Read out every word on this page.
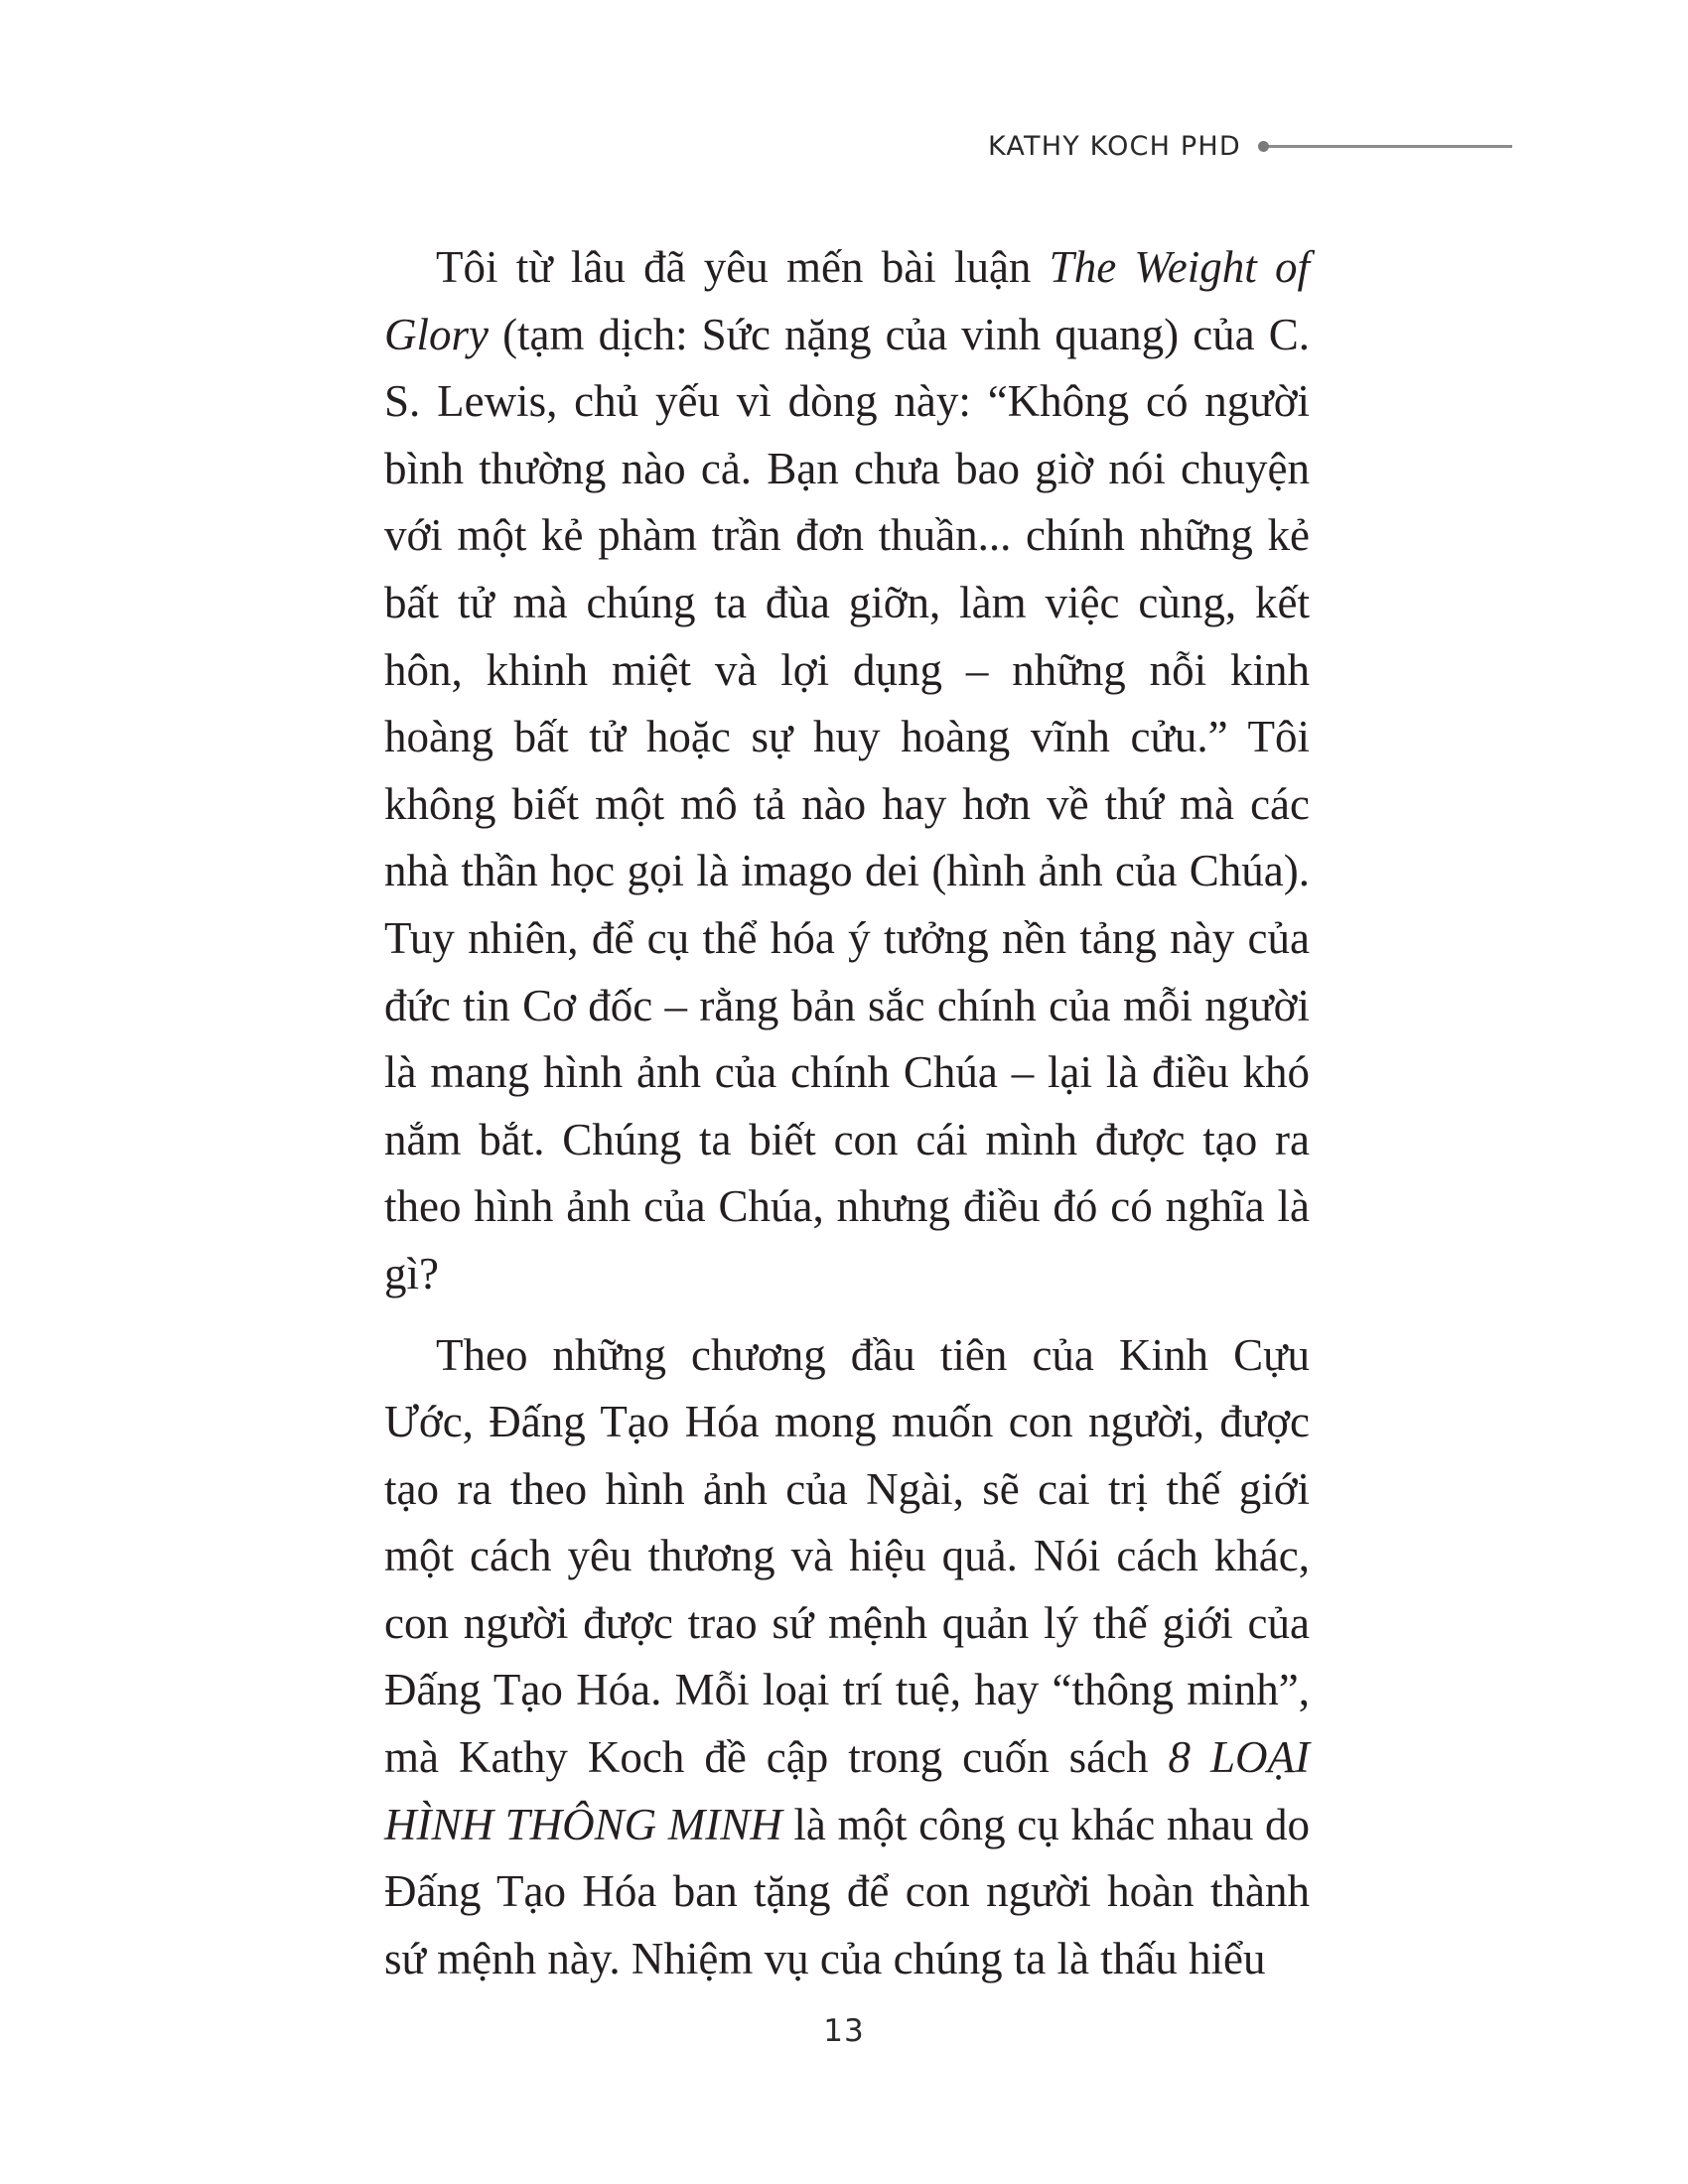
KATHY KOCH PHD

Tôi từ lâu đã yêu mến bài luận The Weight of Glory (tạm dịch: Sức nặng của vinh quang) của C. S. Lewis, chủ yếu vì dòng này: “Không có người bình thường nào cả. Bạn chưa bao giờ nói chuyện với một kẻ phàm trần đơn thuần... chính những kẻ bất tử mà chúng ta đùa giỡn, làm việc cùng, kết hôn, khinh miệt và lợi dụng – những nỗi kinh hoàng bất tử hoặc sự huy hoàng vĩnh cửu.” Tôi không biết một mô tả nào hay hơn về thứ mà các nhà thần học gọi là imago dei (hình ảnh của Chúa). Tuy nhiên, để cụ thể hóa ý tưởng nền tảng này của đức tin Cơ đốc – rằng bản sắc chính của mỗi người là mang hình ảnh của chính Chúa – lại là điều khó nắm bắt. Chúng ta biết con cái mình được tạo ra theo hình ảnh của Chúa, nhưng điều đó có nghĩa là gì?

Theo những chương đầu tiên của Kinh Cựu Ước, Đấng Tạo Hóa mong muốn con người, được tạo ra theo hình ảnh của Ngài, sẽ cai trị thế giới một cách yêu thương và hiệu quả. Nói cách khác, con người được trao sứ mệnh quản lý thế giới của Đấng Tạo Hóa. Mỗi loại trí tuệ, hay “thông minh”, mà Kathy Koch đề cập trong cuốn sách 8 LOẠI HÌNH THÔNG MINH là một công cụ khác nhau do Đấng Tạo Hóa ban tặng để con người hoàn thành sứ mệnh này. Nhiệm vụ của chúng ta là thấu hiểu

13
